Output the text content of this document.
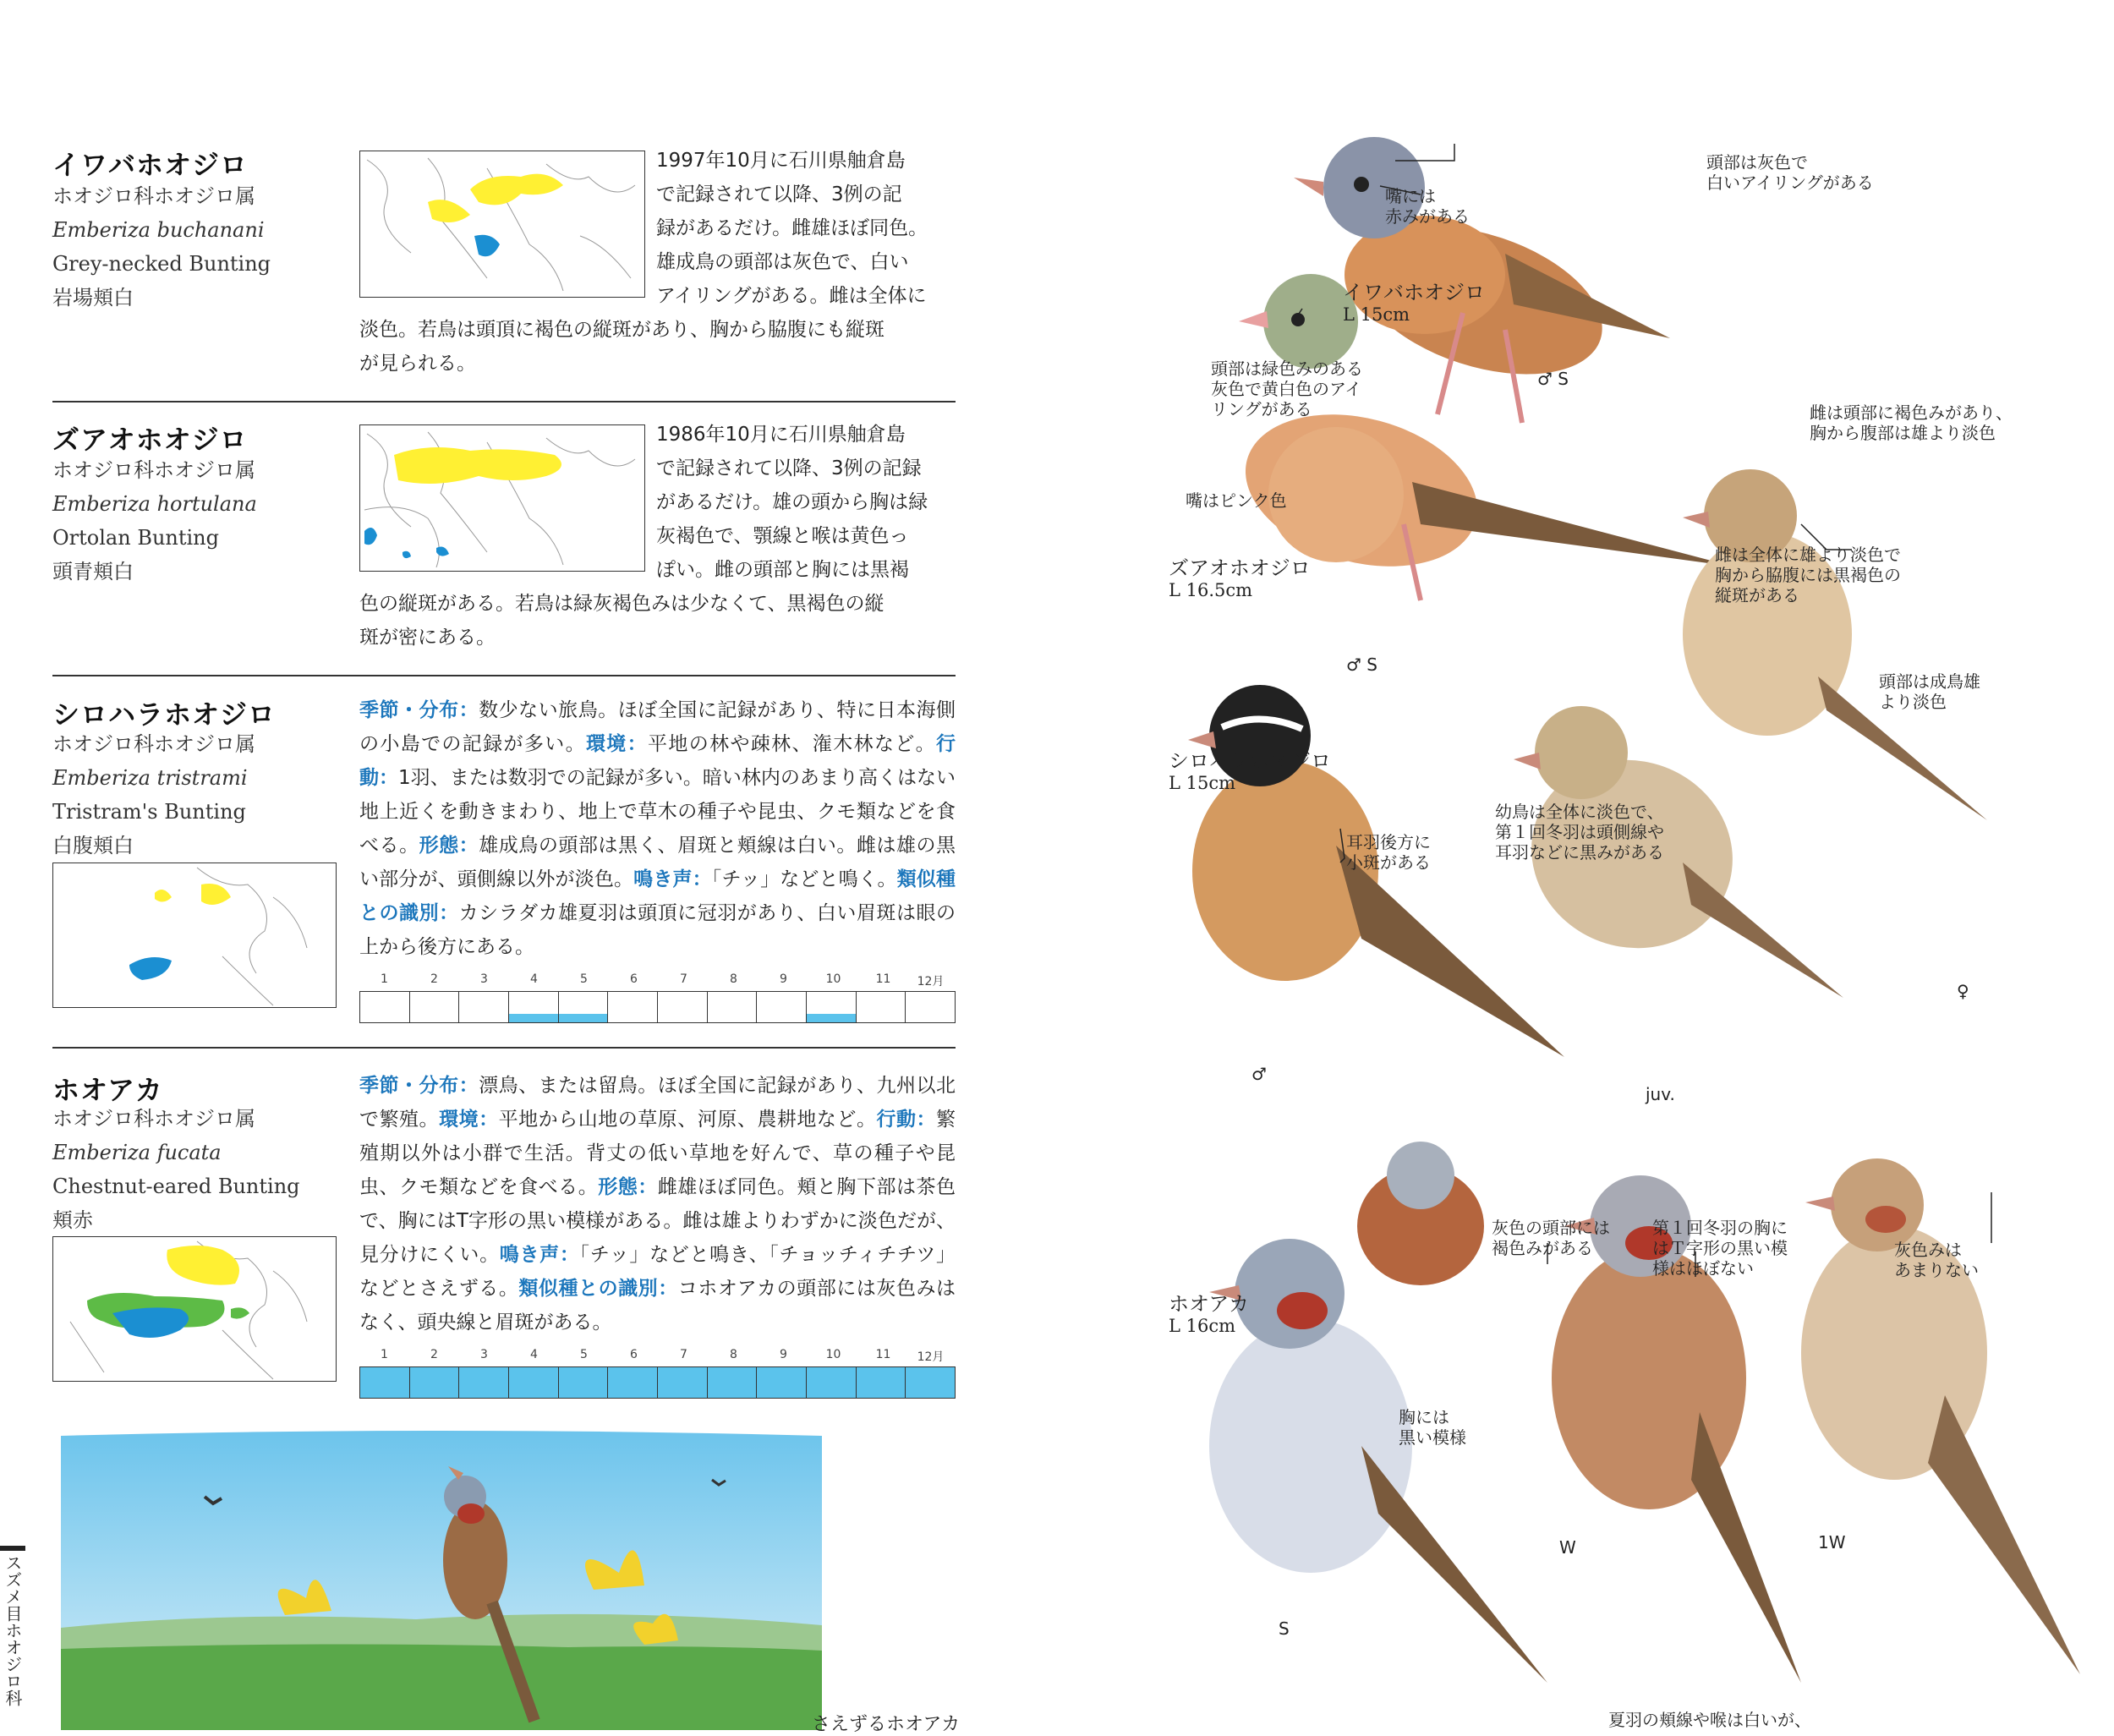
イワバホオジロ
ホオジロ科ホオジロ属
Emberiza buchanani
Grey-necked Bunting
岩場頬白
1997年10月に石川県舳倉島
で記録されて以降、3例の記
録があるだけ。雌雄ほぼ同色。
雄成鳥の頭部は灰色で、白い
アイリングがある。雌は全体に
淡色。若鳥は頭頂に褐色の縦斑があり、胸から脇腹にも縦斑
が見られる。
ズアオホオジロ
ホオジロ科ホオジロ属
Emberiza hortulana
Ortolan Bunting
頭青頬白
1986年10月に石川県舳倉島
で記録されて以降、3例の記録
があるだけ。雄の頭から胸は緑
灰褐色で、顎線と喉は黄色っ
ぽい。雌の頭部と胸には黒褐
色の縦斑がある。若鳥は緑灰褐色みは少なくて、黒褐色の縦
斑が密にある。
シロハラホオジロ
ホオジロ科ホオジロ属
Emberiza tristrami
Tristram's Bunting
白腹頬白
季節・分布：数少ない旅鳥。ほぼ全国に記録があり、特に日本海側の小島での記録が多い。環境：平地の林や疎林、潅木林など。行動：1羽、または数羽での記録が多い。暗い林内のあまり高くはない地上近くを動きまわり、地上で草木の種子や昆虫、クモ類などを食べる。形態：雄成鳥の頭部は黒く、眉斑と頬線は白い。雌は雄の黒い部分が、頭側線以外が淡色。鳴き声：「チッ」などと鳴く。類似種との識別：カシラダカ雄夏羽は頭頂に冠羽があり、白い眉斑は眼の上から後方にある。
1	2	3	4	5	6	7	8	9	10	11	12月
ホオアカ
ホオジロ科ホオジロ属
Emberiza fucata
Chestnut-eared Bunting
頬赤
季節・分布：漂鳥、または留鳥。ほぼ全国に記録があり、九州以北で繁殖。環境：平地から山地の草原、河原、農耕地など。行動：繁殖期以外は小群で生活。背丈の低い草地を好んで、草の種子や昆虫、クモ類などを食べる。形態：雌雄ほぼ同色。頬と胸下部は茶色で、胸にはT字形の黒い模様がある。雌は雄よりわずかに淡色だが、見分けにくい。鳴き声：「チッ」などと鳴き、「チョッチィチチツ」などとさえずる。類似種との識別：コホオアカの頭部には灰色みはなく、頭央線と眉斑がある。
1	2	3	4	5	6	7	8	9	10	11	12月
さえずるホオアカ
スズメ目ホオジロ科
頭部は灰色で
白いアイリングがある
嘴には
赤みがある
イワバホオジロ
L 15cm
♂ S
雌は頭部に褐色みがあり、
胸から腹部は雄より淡色
頭部は緑色みのある
灰色で黄白色のアイ
リングがある
嘴はピンク色
ズアオホオジロ
L 16.5cm
雌は全体に雄より淡色で
胸から脇腹には黒褐色の
縦斑がある
♂ S
頭部は成鳥雄
より淡色
シロハラホオジロ
L 15cm
幼鳥は全体に淡色で、
第１回冬羽は頭側線や
耳羽などに黒みがある
耳羽後方に
小斑がある
♂
juv.
♀
灰色の頭部には
褐色みがある
第１回冬羽の胸に
はＴ字形の黒い模
様はほぼない
灰色みは
あまりない
ホオアカ
L 16cm
胸には
黒い模様
W	1W
S
夏羽の頬線や喉は白いが、
